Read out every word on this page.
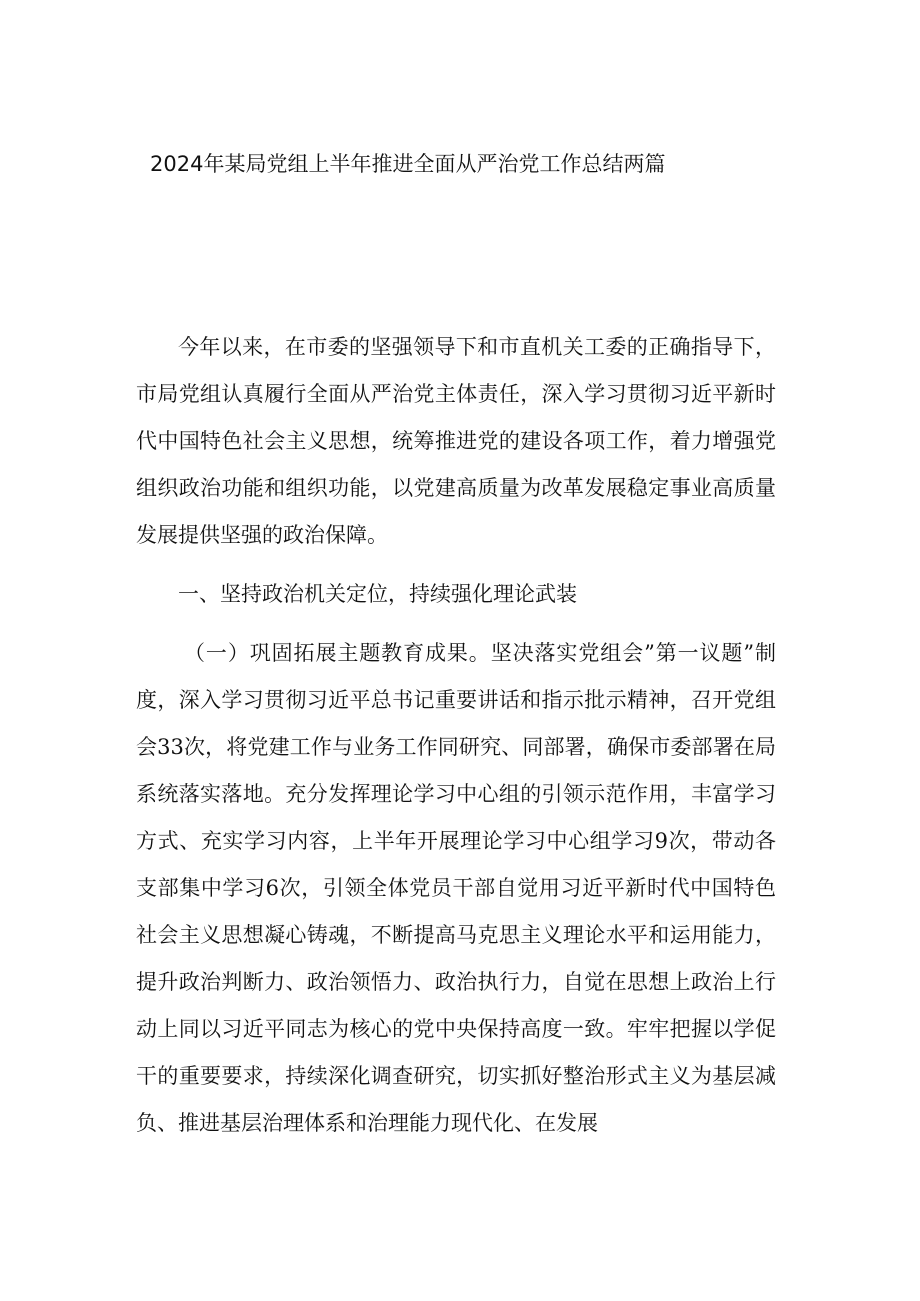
2024年某局党组上半年推进全面从严治党工作总结两篇

今年以来，在市委的坚强领导下和市直机关工委的正确指导下，市局党组认真履行全面从严治党主体责任，深入学习贯彻习近平新时代中国特色社会主义思想，统筹推进党的建设各项工作，着力增强党组织政治功能和组织功能，以党建高质量为改革发展稳定事业高质量发展提供坚强的政治保障。

一、坚持政治机关定位，持续强化理论武装

（一）巩固拓展主题教育成果。坚决落实党组会”第一议题”制度，深入学习贯彻习近平总书记重要讲话和指示批示精神，召开党组会33次，将党建工作与业务工作同研究、同部署，确保市委部署在局系统落实落地。充分发挥理论学习中心组的引领示范作用，丰富学习方式、充实学习内容，上半年开展理论学习中心组学习9次，带动各支部集中学习6次，引领全体党员干部自觉用习近平新时代中国特色社会主义思想凝心铸魂，不断提高马克思主义理论水平和运用能力，提升政治判断力、政治领悟力、政治执行力，自觉在思想上政治上行动上同以习近平同志为核心的党中央保持高度一致。牢牢把握以学促干的重要要求，持续深化调查研究，切实抓好整治形式主义为基层减负、推进基层治理体系和治理能力现代化、在发展
